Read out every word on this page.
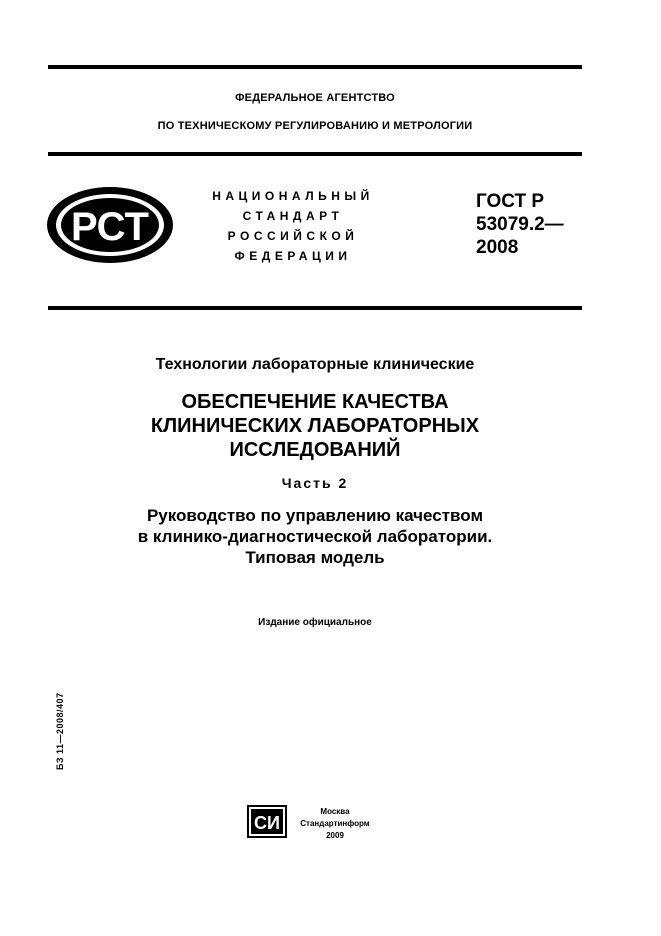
ФЕДЕРАЛЬНОЕ АГЕНТСТВО
ПО ТЕХНИЧЕСКОМУ РЕГУЛИРОВАНИЮ И МЕТРОЛОГИИ
РСТ
НАЦИОНАЛЬНЫЙ
СТАНДАРТ
РОССИЙСКОЙ
ФЕДЕРАЦИИ
ГОСТ Р
53079.2—
2008
Технологии лабораторные клинические
ОБЕСПЕЧЕНИЕ КАЧЕСТВА
КЛИНИЧЕСКИХ ЛАБОРАТОРНЫХ
ИССЛЕДОВАНИЙ
Часть 2
Руководство по управлению качеством
в клинико-диагностической лаборатории.
Типовая модель
Издание официальное
БЗ 11—2008/407
СИ
Москва
Стандартинформ
2009
